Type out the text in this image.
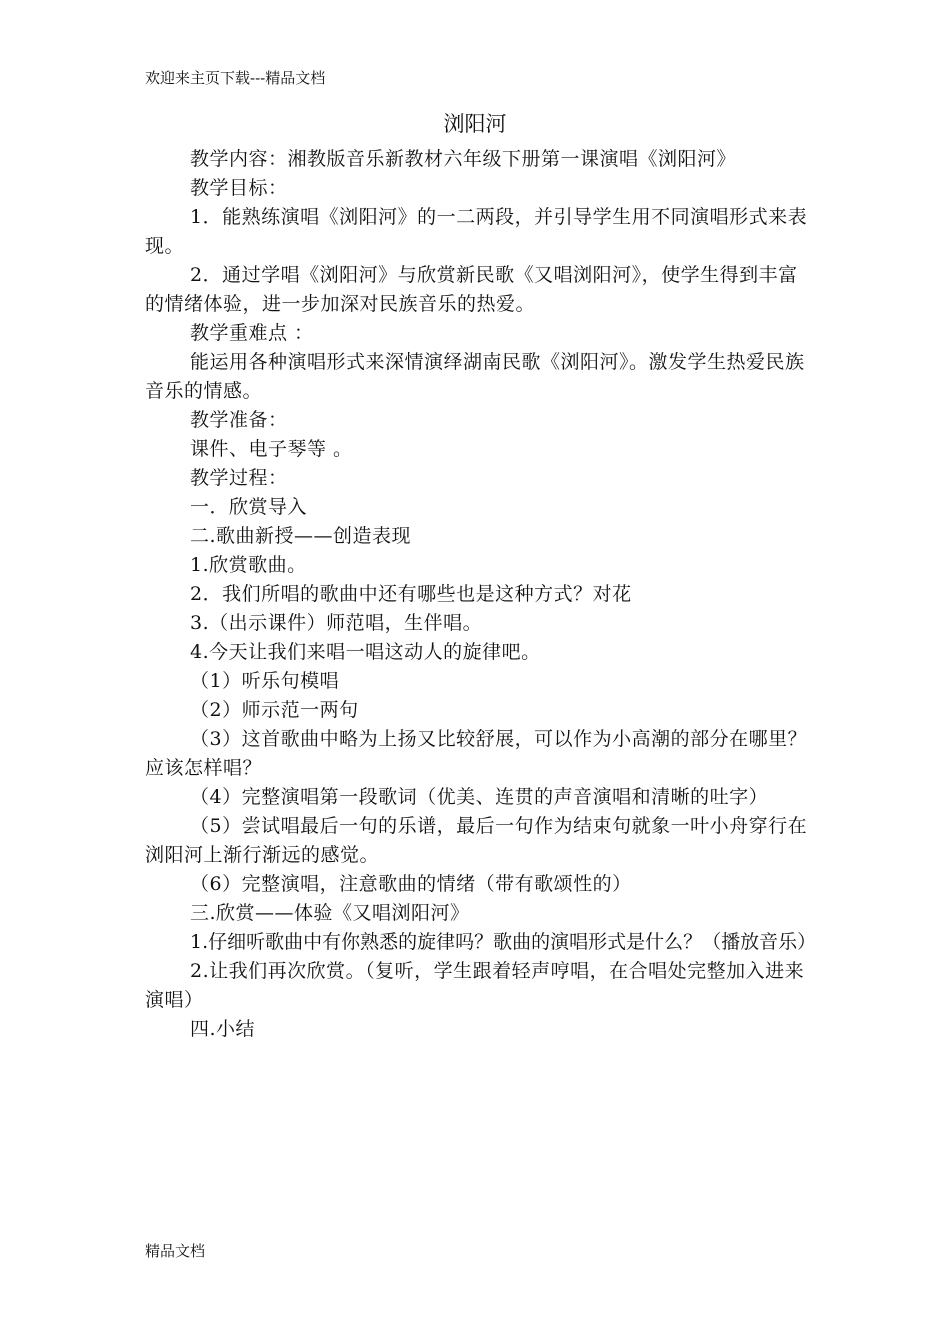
欢迎来主页下载---精品文档
浏阳河

教学内容：湘教版音乐新教材六年级下册第一课演唱《浏阳河》

教学目标：

1．能熟练演唱《浏阳河》的一二两段，并引导学生用不同演唱形式来表现。

2．通过学唱《浏阳河》与欣赏新民歌《又唱浏阳河》，使学生得到丰富的情绪体验，进一步加深对民族音乐的热爱。

教学重难点 ：

能运用各种演唱形式来深情演绎湖南民歌《浏阳河》。激发学生热爱民族音乐的情感。

教学准备：

课件、电子琴等 。

教学过程：

一．欣赏导入

二.歌曲新授——创造表现

1.欣赏歌曲。

2．我们所唱的歌曲中还有哪些也是这种方式？对花

3.（出示课件）师范唱，生伴唱。

4.今天让我们来唱一唱这动人的旋律吧。

（1）听乐句模唱

（2）师示范一两句

（3）这首歌曲中略为上扬又比较舒展，可以作为小高潮的部分在哪里？应该怎样唱？

（4）完整演唱第一段歌词（优美、连贯的声音演唱和清晰的吐字）

（5）尝试唱最后一句的乐谱，最后一句作为结束句就象一叶小舟穿行在浏阳河上渐行渐远的感觉。

（6）完整演唱，注意歌曲的情绪（带有歌颂性的）

三.欣赏——体验《又唱浏阳河》

1.仔细听歌曲中有你熟悉的旋律吗？歌曲的演唱形式是什么？（播放音乐）

2.让我们再次欣赏。（复听，学生跟着轻声哼唱，在合唱处完整加入进来演唱）

四.小结

精品文档
